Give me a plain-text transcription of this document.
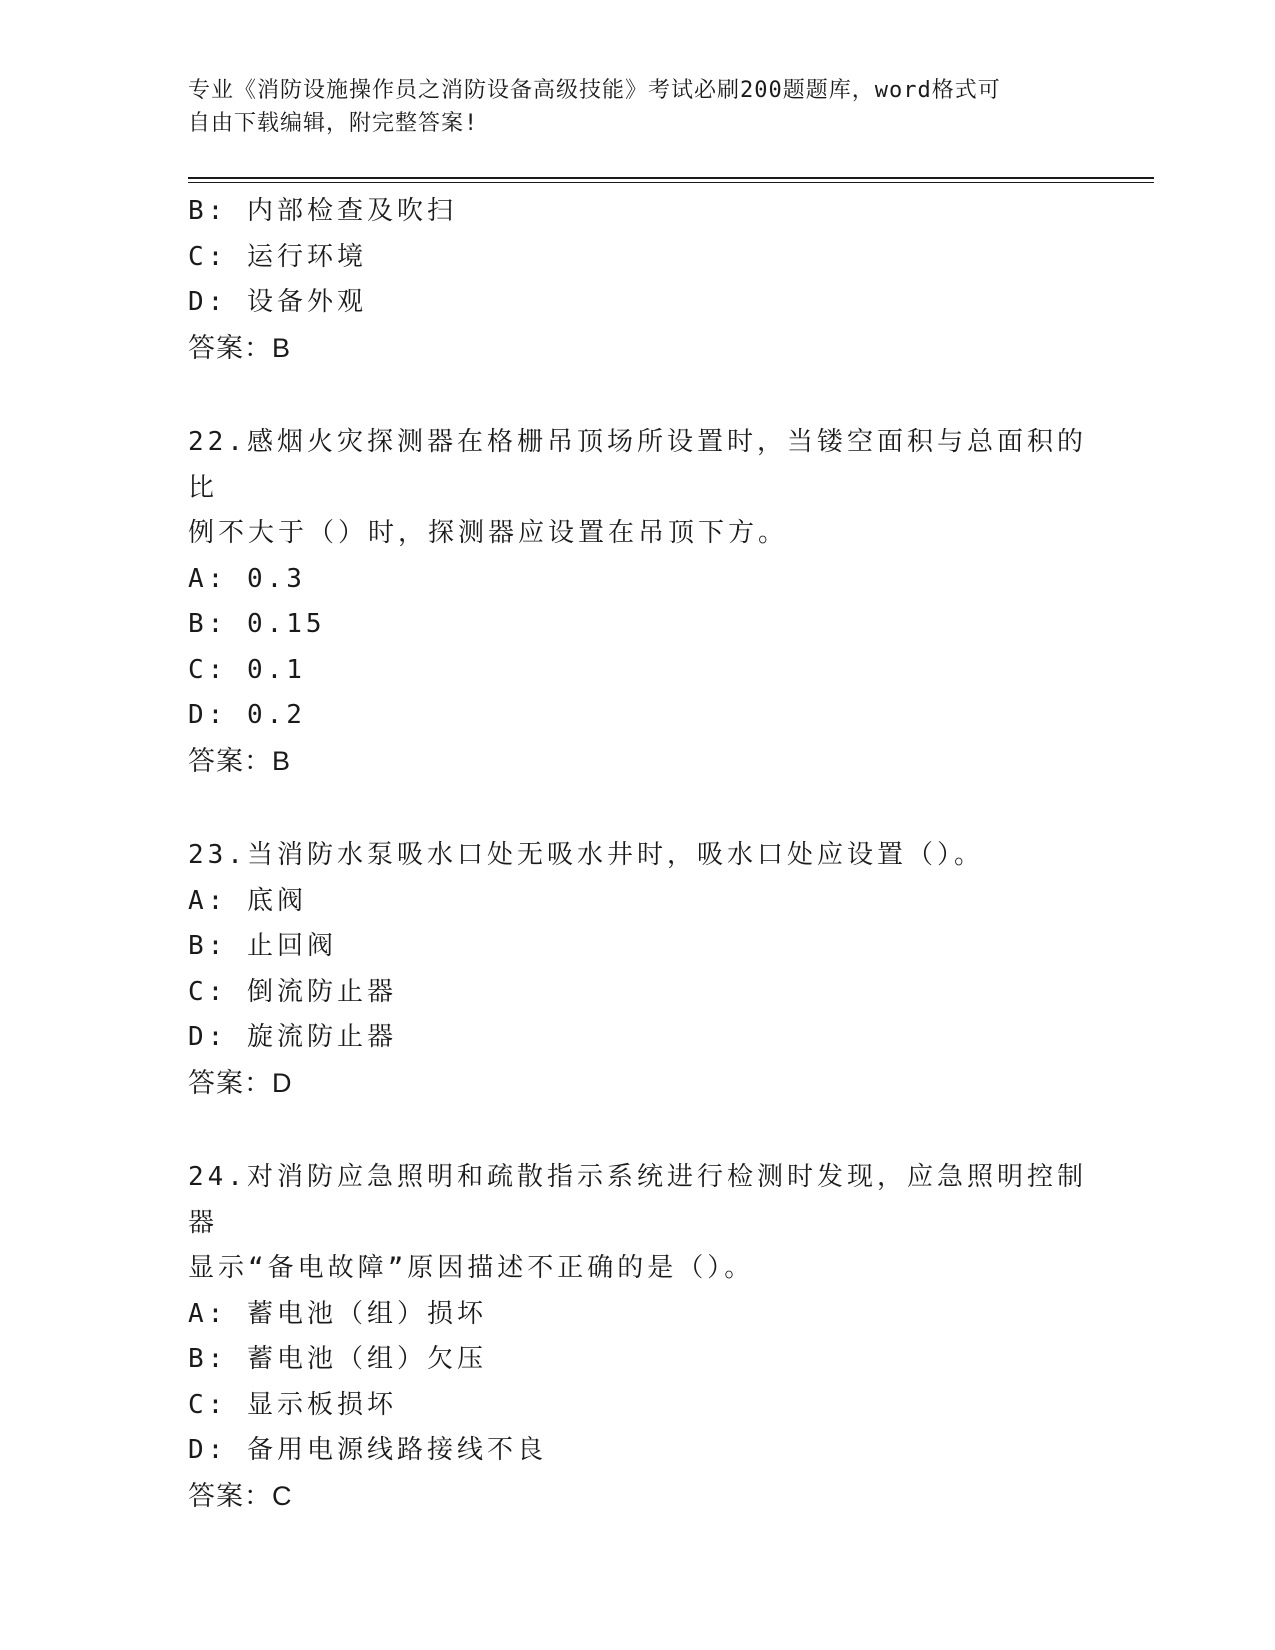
专业《消防设施操作员之消防设备高级技能》考试必刷200题题库，word格式可
自由下载编辑，附完整答案!
B: 内部检查及吹扫
C: 运行环境
D: 设备外观
答案：B
22.感烟火灾探测器在格栅吊顶场所设置时，当镂空面积与总面积的比
例不大于（）时，探测器应设置在吊顶下方。
A: 0.3
B: 0.15
C: 0.1
D: 0.2
答案：B
23.当消防水泵吸水口处无吸水井时，吸水口处应设置（）。
A: 底阀
B: 止回阀
C: 倒流防止器
D: 旋流防止器
答案：D
24.对消防应急照明和疏散指示系统进行检测时发现，应急照明控制器
显示“备电故障”原因描述不正确的是（）。
A: 蓄电池（组）损坏
B: 蓄电池（组）欠压
C: 显示板损坏
D: 备用电源线路接线不良
答案：C
